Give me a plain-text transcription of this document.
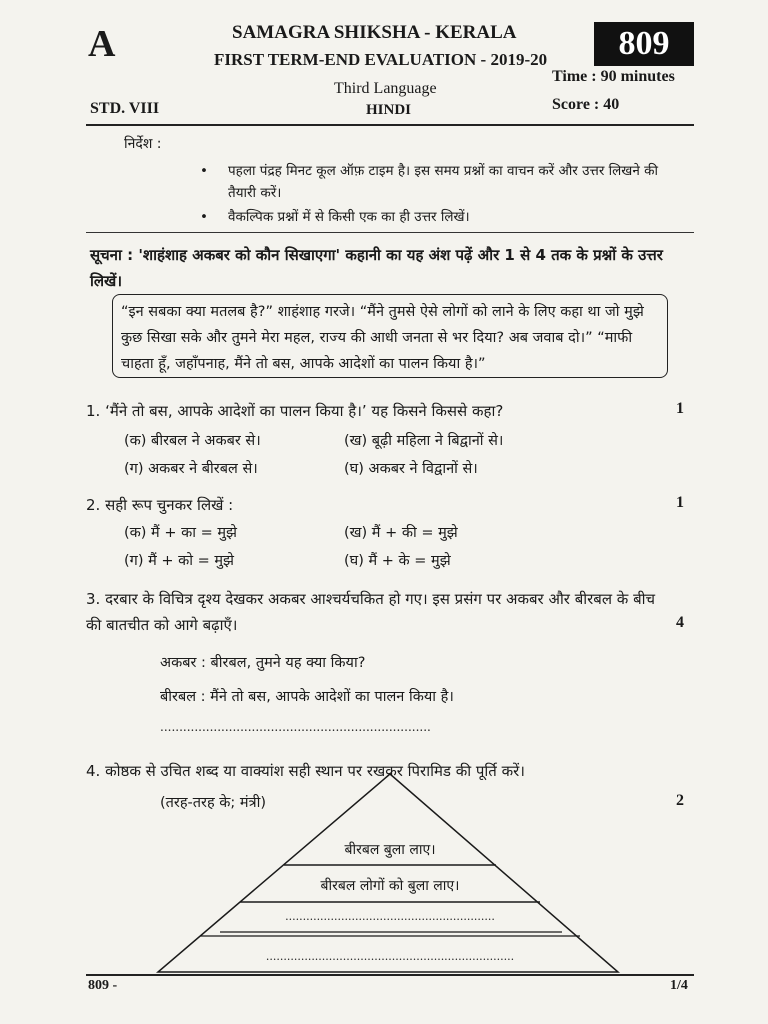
A	SAMAGRA SHIKSHA - KERALA
FIRST TERM-END EVALUATION - 2019-20	809
Time : 90 minutes
Third Language
STD. VIII	HINDI	Score : 40
निर्देश :
• पहला पंद्रह मिनट कूल ऑफ़ टाइम है। इस समय प्रश्नों का वाचन करें और उत्तर लिखने की तैयारी करें।
• वैकल्पिक प्रश्नों में से किसी एक का ही उत्तर लिखें।
सूचना : 'शाहंशाह अकबर को कौन सिखाएगा' कहानी का यह अंश पढ़ें और 1 से 4 तक के प्रश्नों के उत्तर लिखें।
“इन सबका क्या मतलब है?” शाहंशाह गरजे। “मैंने तुमसे ऐसे लोगों को लाने के लिए कहा था जो मुझे कुछ सिखा सके और तुमने मेरा महल, राज्य की आधी जनता से भर दिया? अब जवाब दो।” “माफी चाहता हूँ, जहाँपनाह, मैंने तो बस, आपके आदेशों का पालन किया है।”
1. ‘मैंने तो बस, आपके आदेशों का पालन किया है।’ यह किसने किससे कहा?	1
(क) बीरबल ने अकबर से।	(ख) बूढ़ी महिला ने बिद्वानों से।
(ग) अकबर ने बीरबल से।	(घ) अकबर ने विद्वानों से।
2. सही रूप चुनकर लिखें :	1
(क) मैं + का = मुझे	(ख) मैं + की = मुझे
(ग) मैं + को = मुझे	(घ) मैं + के = मुझे
3. दरबार के विचित्र दृश्य देखकर अकबर आश्चर्यचकित हो गए। इस प्रसंग पर अकबर और बीरबल के बीच की बातचीत को आगे बढ़ाएँ।	4
अकबर : बीरबल, तुमने यह क्या किया?
बीरबल : मैंने तो बस, आपके आदेशों का पालन किया है।
.......................................................................
4. कोष्ठक से उचित शब्द या वाक्यांश सही स्थान पर रखकर पिरामिड की पूर्ति करें।
(तरह-तरह के; मंत्री)	2
बीरबल बुला लाए।
बीरबल लोगों को बुला लाए।
............................................................
.......................................................................
809 -	1/4
